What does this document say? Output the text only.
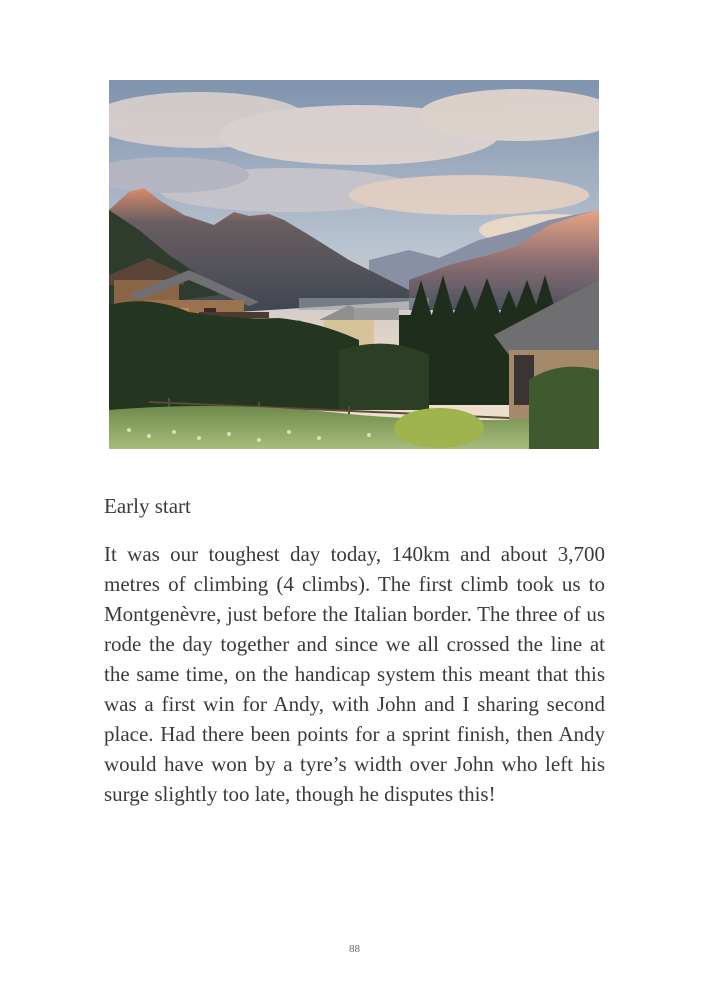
Early start

It was our toughest day today, 140km and about 3,700 metres of climbing (4 climbs). The first climb took us to Montgenèvre, just before the Italian border. The three of us rode the day together and since we all crossed the line at the same time, on the handicap system this meant that this was a first win for Andy, with John and I sharing second place. Had there been points for a sprint finish, then Andy would have won by a tyre’s width over John who left his surge slightly too late, though he disputes this!

88
